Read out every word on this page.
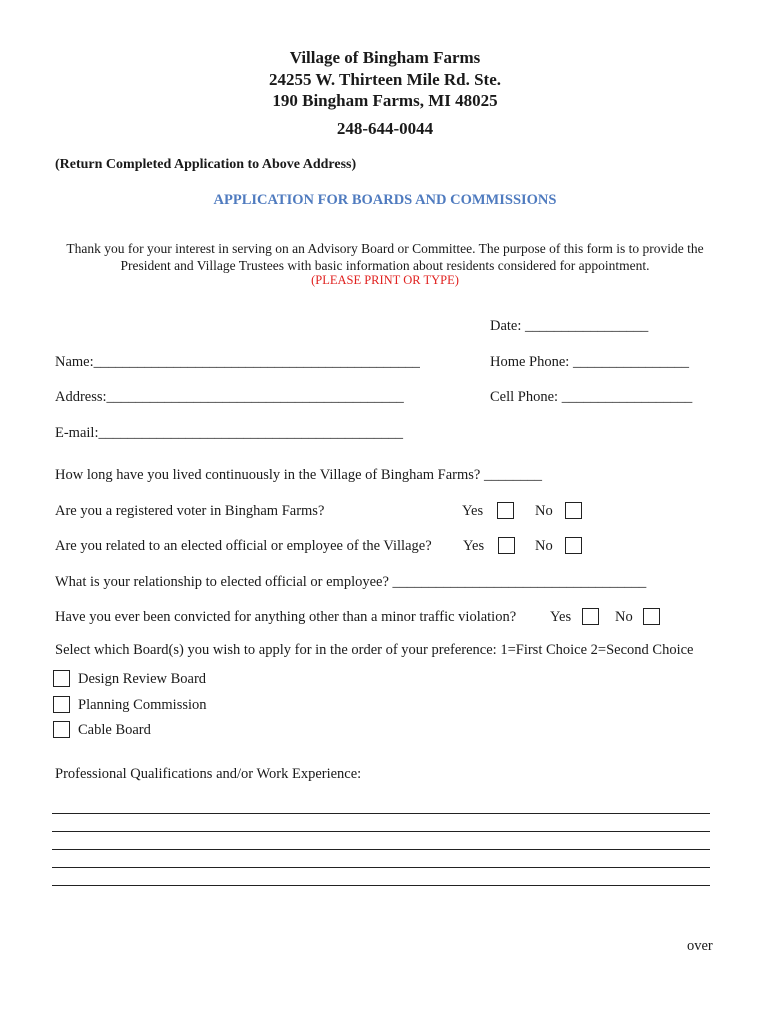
Village of Bingham Farms
24255 W. Thirteen Mile Rd. Ste.
190 Bingham Farms, MI 48025
248-644-0044
(Return Completed Application to Above Address)
APPLICATION FOR BOARDS AND COMMISSIONS
Thank you for your interest in serving on an Advisory Board or Committee. The purpose of this form is to provide the
President and Village Trustees with basic information about residents considered for appointment.
(PLEASE PRINT OR TYPE)
Date: _________________
Name:_____________________________________________	Home Phone: ________________
Address:_________________________________________	Cell Phone: __________________
E-mail:__________________________________________
How long have you lived continuously in the Village of Bingham Farms? ________
Are you a registered voter in Bingham Farms?	Yes	No
Are you related to an elected official or employee of the Village? Yes	No
What is your relationship to elected official or employee? ___________________________________
Have you ever been convicted for anything other than a minor traffic violation? Yes	No
Select which Board(s) you wish to apply for in the order of your preference: 1=First Choice 2=Second Choice
Design Review Board
Planning Commission
Cable Board
Professional Qualifications and/or Work Experience:
over
